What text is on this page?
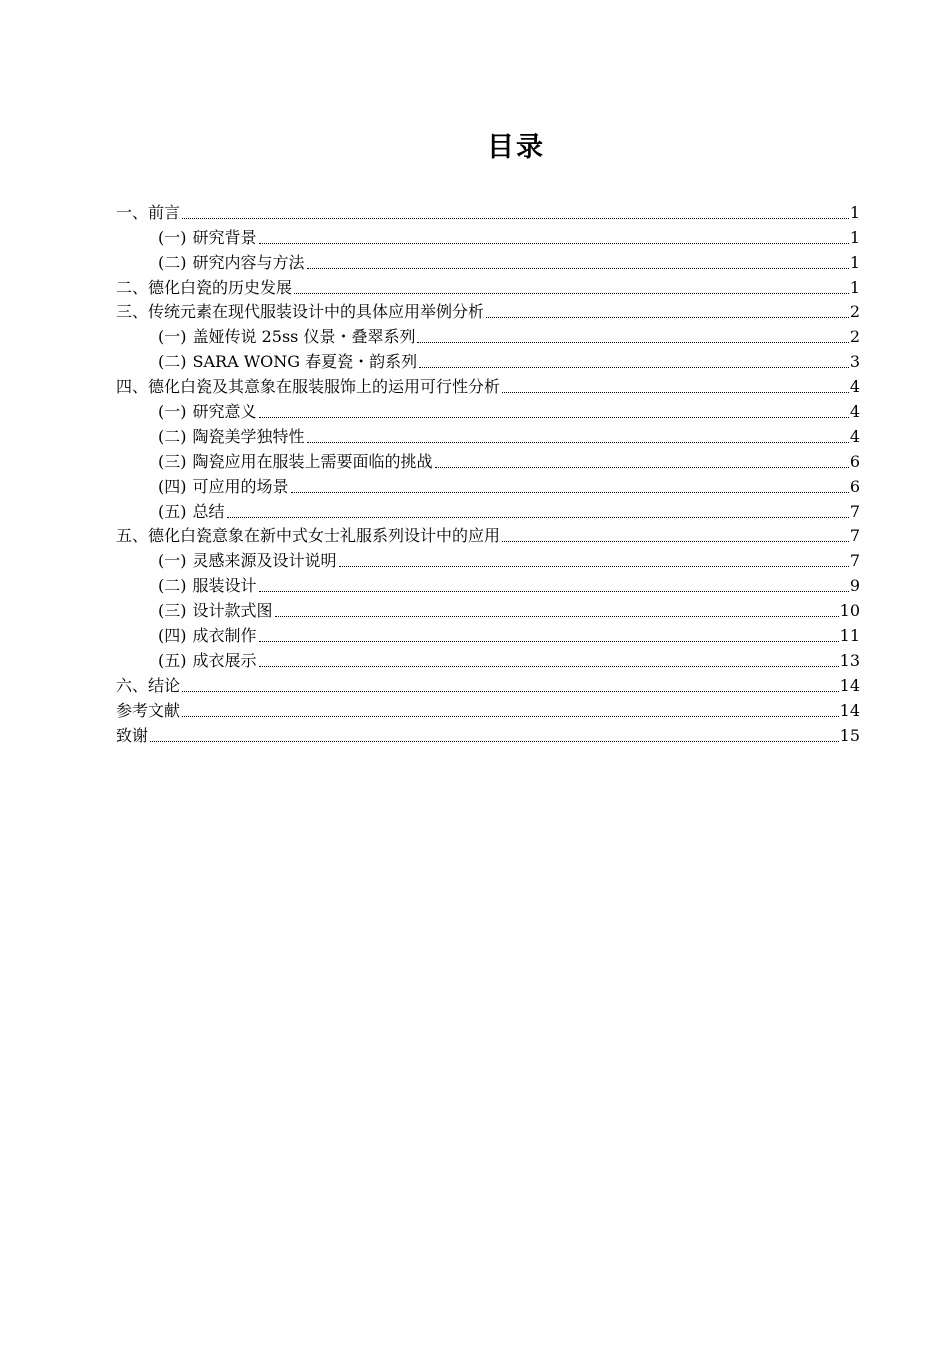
目录
一、前言	1
(一) 研究背景	1
(二) 研究内容与方法	1
二、德化白瓷的历史发展	1
三、传统元素在现代服装设计中的具体应用举例分析	2
(一) 盖娅传说 25ss 仪景・叠翠系列	2
(二) SARA WONG 春夏瓷・韵系列	3
四、德化白瓷及其意象在服装服饰上的运用可行性分析	4
(一) 研究意义	4
(二) 陶瓷美学独特性	4
(三) 陶瓷应用在服装上需要面临的挑战	6
(四) 可应用的场景	6
(五) 总结	7
五、德化白瓷意象在新中式女士礼服系列设计中的应用	7
(一) 灵感来源及设计说明	7
(二) 服装设计	9
(三) 设计款式图	10
(四) 成衣制作	11
(五) 成衣展示	13
六、结论	14
参考文献	14
致谢	15
